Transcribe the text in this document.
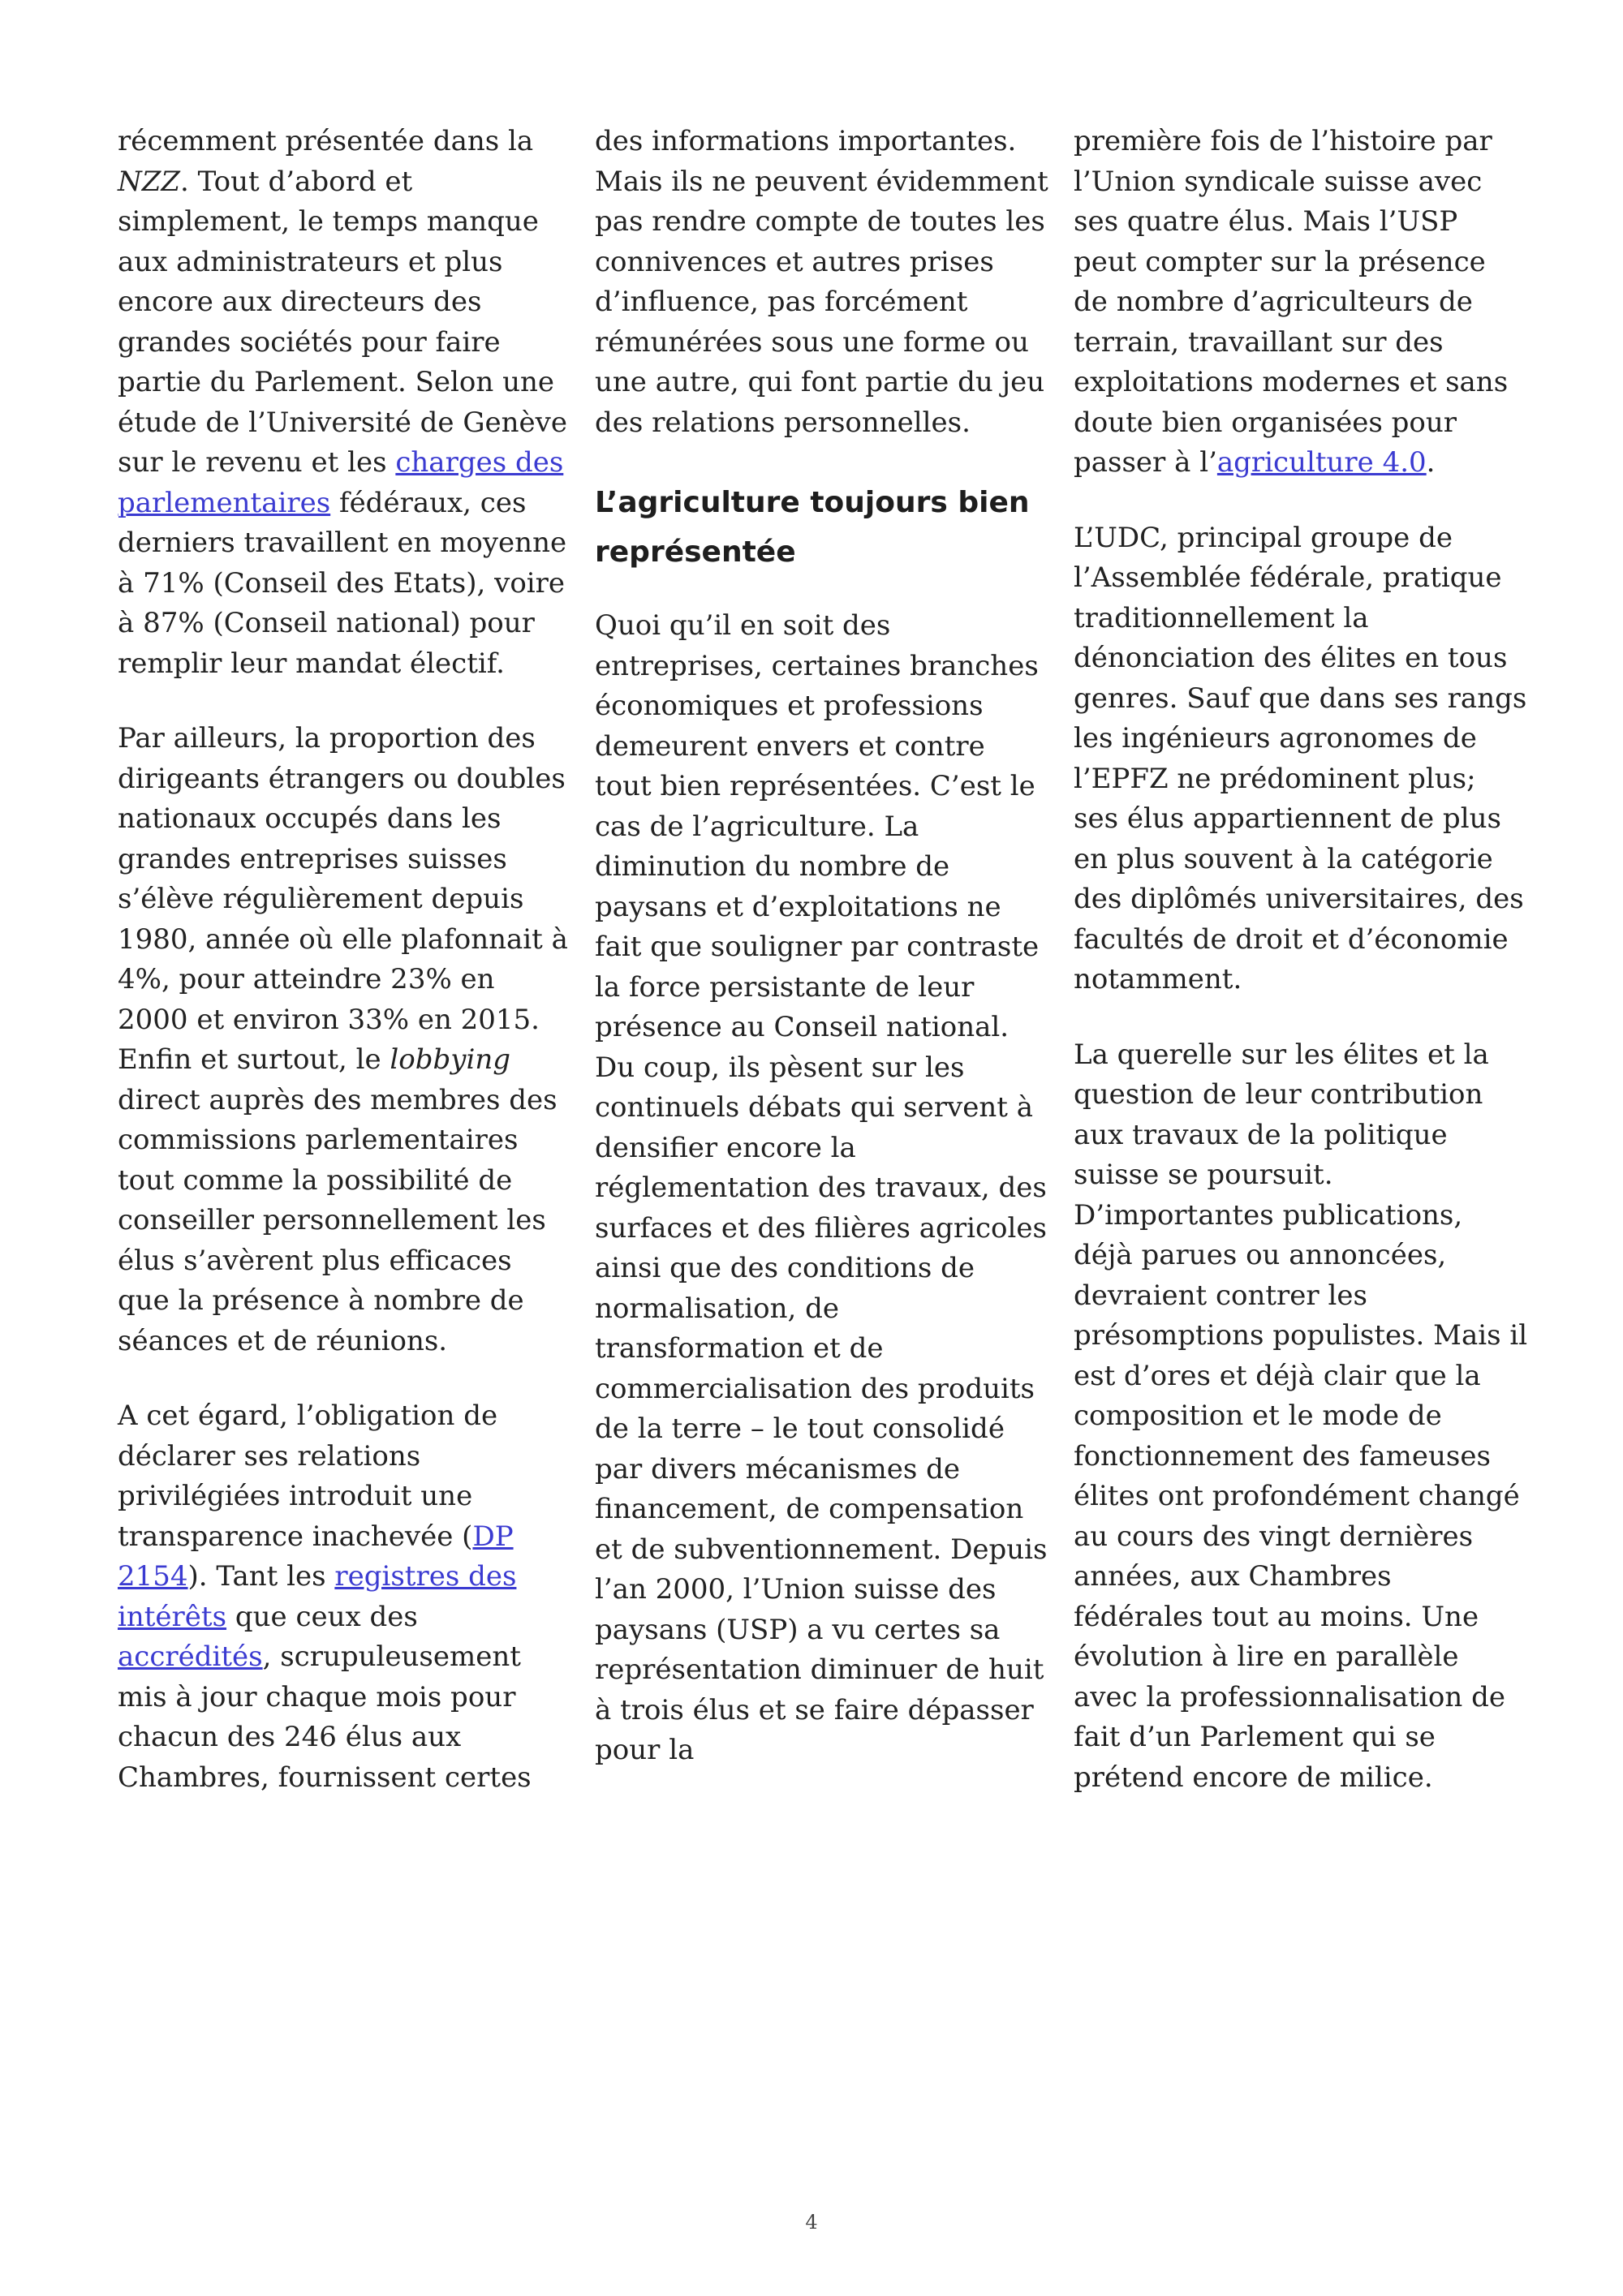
récemment présentée dans la NZZ. Tout d’abord et simplement, le temps manque aux administrateurs et plus encore aux directeurs des grandes sociétés pour faire partie du Parlement. Selon une étude de l’Université de Genève sur le revenu et les charges des parlementaires fédéraux, ces derniers travaillent en moyenne à 71% (Conseil des Etats), voire à 87% (Conseil national) pour remplir leur mandat électif.

Par ailleurs, la proportion des dirigeants étrangers ou doubles nationaux occupés dans les grandes entreprises suisses s’élève régulièrement depuis 1980, année où elle plafonnait à 4%, pour atteindre 23% en 2000 et environ 33% en 2015. Enfin et surtout, le lobbying direct auprès des membres des commissions parlementaires tout comme la possibilité de conseiller personnellement les élus s’avèrent plus efficaces que la présence à nombre de séances et de réunions.

A cet égard, l’obligation de déclarer ses relations privilégiées introduit une transparence inachevée (DP 2154). Tant les registres des intérêts que ceux des accrédités, scrupuleusement mis à jour chaque mois pour chacun des 246 élus aux Chambres, fournissent certes

des informations importantes. Mais ils ne peuvent évidemment pas rendre compte de toutes les connivences et autres prises d’influence, pas forcément rémunérées sous une forme ou une autre, qui font partie du jeu des relations personnelles.

L’agriculture toujours bien représentée

Quoi qu’il en soit des entreprises, certaines branches économiques et professions demeurent envers et contre tout bien représentées. C’est le cas de l’agriculture. La diminution du nombre de paysans et d’exploitations ne fait que souligner par contraste la force persistante de leur présence au Conseil national. Du coup, ils pèsent sur les continuels débats qui servent à densifier encore la réglementation des travaux, des surfaces et des filières agricoles ainsi que des conditions de normalisation, de transformation et de commercialisation des produits de la terre – le tout consolidé par divers mécanismes de financement, de compensation et de subventionnement. Depuis l’an 2000, l’Union suisse des paysans (USP) a vu certes sa représentation diminuer de huit à trois élus et se faire dépasser pour la

première fois de l’histoire par l’Union syndicale suisse avec ses quatre élus. Mais l’USP peut compter sur la présence de nombre d’agriculteurs de terrain, travaillant sur des exploitations modernes et sans doute bien organisées pour passer à l’agriculture 4.0.

L’UDC, principal groupe de l’Assemblée fédérale, pratique traditionnellement la dénonciation des élites en tous genres. Sauf que dans ses rangs les ingénieurs agronomes de l’EPFZ ne prédominent plus; ses élus appartiennent de plus en plus souvent à la catégorie des diplômés universitaires, des facultés de droit et d’économie notamment.

La querelle sur les élites et la question de leur contribution aux travaux de la politique suisse se poursuit. D’importantes publications, déjà parues ou annoncées, devraient contrer les présomptions populistes. Mais il est d’ores et déjà clair que la composition et le mode de fonctionnement des fameuses élites ont profondément changé au cours des vingt dernières années, aux Chambres fédérales tout au moins. Une évolution à lire en parallèle avec la professionnalisation de fait d’un Parlement qui se prétend encore de milice.

4
